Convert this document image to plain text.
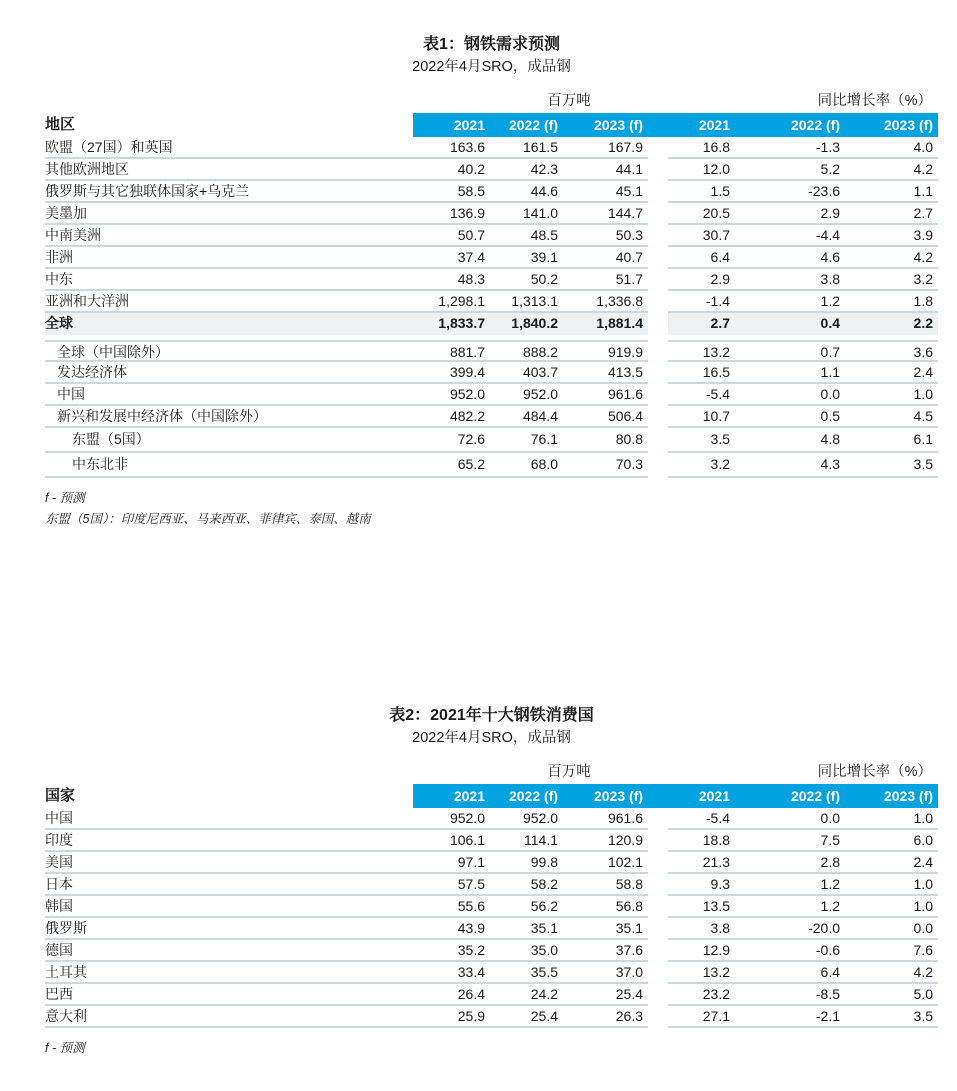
表1：钢铁需求预测
2022年4月SRO，成品钢
百万吨	同比增长率（%）
地区	2021	2022 (f)	2023 (f)	2021	2022 (f)	2023 (f)
欧盟（27国）和英国	163.6	161.5	167.9	16.8	-1.3	4.0
其他欧洲地区	40.2	42.3	44.1	12.0	5.2	4.2
俄罗斯与其它独联体国家+乌克兰	58.5	44.6	45.1	1.5	-23.6	1.1
美墨加	136.9	141.0	144.7	20.5	2.9	2.7
中南美洲	50.7	48.5	50.3	30.7	-4.4	3.9
非洲	37.4	39.1	40.7	6.4	4.6	4.2
中东	48.3	50.2	51.7	2.9	3.8	3.2
亚洲和大洋洲	1,298.1	1,313.1	1,336.8	-1.4	1.2	1.8
全球	1,833.7	1,840.2	1,881.4	2.7	0.4	2.2
全球（中国除外）	881.7	888.2	919.9	13.2	0.7	3.6
发达经济体	399.4	403.7	413.5	16.5	1.1	2.4
中国	952.0	952.0	961.6	-5.4	0.0	1.0
新兴和发展中经济体（中国除外）	482.2	484.4	506.4	10.7	0.5	4.5
东盟（5国）	72.6	76.1	80.8	3.5	4.8	6.1
中东北非	65.2	68.0	70.3	3.2	4.3	3.5
f - 预测
东盟（5国）：印度尼西亚、马来西亚、菲律宾、泰国、越南
表2：2021年十大钢铁消费国
2022年4月SRO，成品钢
百万吨	同比增长率（%）
国家	2021	2022 (f)	2023 (f)	2021	2022 (f)	2023 (f)
中国	952.0	952.0	961.6	-5.4	0.0	1.0
印度	106.1	114.1	120.9	18.8	7.5	6.0
美国	97.1	99.8	102.1	21.3	2.8	2.4
日本	57.5	58.2	58.8	9.3	1.2	1.0
韩国	55.6	56.2	56.8	13.5	1.2	1.0
俄罗斯	43.9	35.1	35.1	3.8	-20.0	0.0
德国	35.2	35.0	37.6	12.9	-0.6	7.6
土耳其	33.4	35.5	37.0	13.2	6.4	4.2
巴西	26.4	24.2	25.4	23.2	-8.5	5.0
意大利	25.9	25.4	26.3	27.1	-2.1	3.5
f - 预测
